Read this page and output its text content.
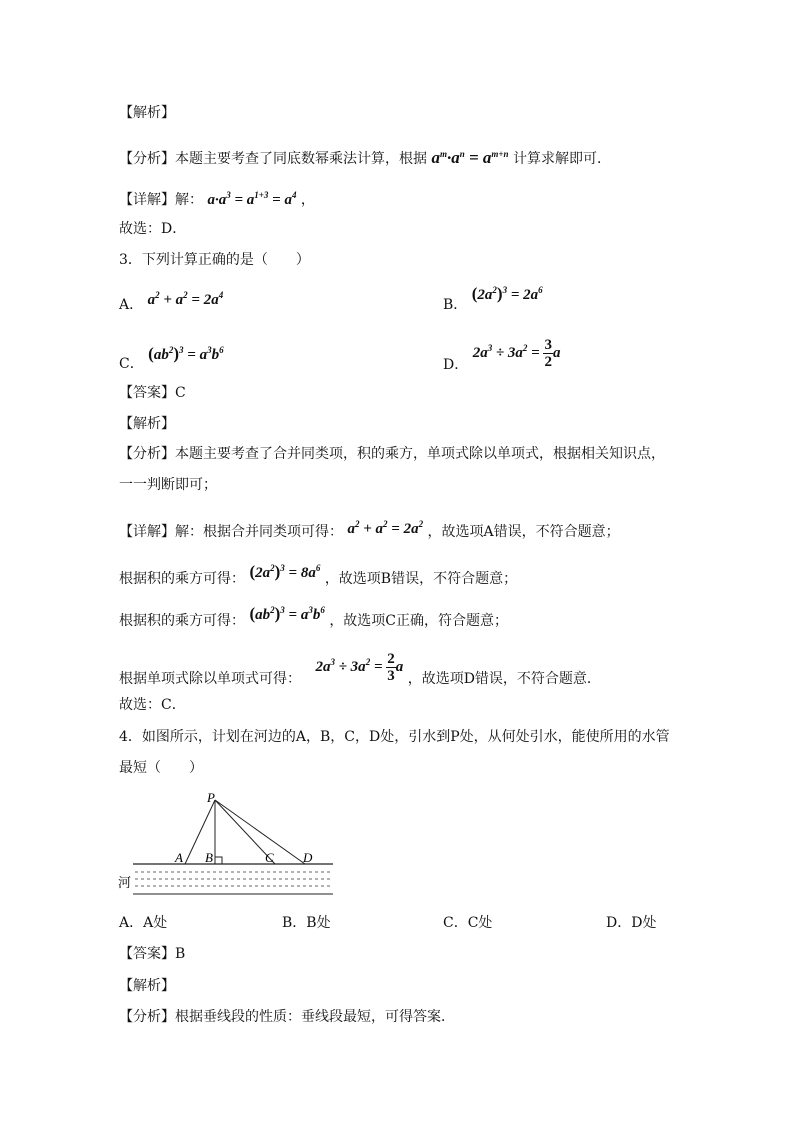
【解析】
【分析】本题主要考查了同底数幂乘法计算，根据 $a^m\cdot a^n = a^{m+n}$ 计算求解即可．
【详解】解： $a\cdot a^3 = a^{1+3} = a^4$ ，
故选：D．
3．下列计算正确的是（　　）
A． $a^2 + a^2 = 2a^4$
B． $(2a^2)^3 = 2a^6$
C． $(ab^2)^3 = a^3b^6$
D． $2a^3 \div 3a^2 = \frac{3}{2}$ a
【答案】C
【解析】
【分析】本题主要考查了合并同类项，积的乘方，单项式除以单项式，根据相关知识点，
一一判断即可；
【详解】解：根据合并同类项可得： $a^2 + a^2 = 2a^2$ ，故选项A错误，不符合题意；
根据积的乘方可得： $(2a^2)^3 = 8a^6$ ，故选项B错误，不符合题意；
根据积的乘方可得： $(ab^2)^3 = a^3b^6$ ，故选项C正确，符合题意；
根据单项式除以单项式可得： $2a^3 \div 3a^2 = \frac{2}{3}$ a ，故选项D错误，不符合题意．
故选：C．
4．如图所示，计划在河边的A，B，C，D处，引水到P处，从何处引水，能使所用的水管
最短（　　）
P
A B	C D
河
A．A处	B．B处	C．C处	D．D处
【答案】B
【解析】
【分析】根据垂线段的性质：垂线段最短，可得答案．
